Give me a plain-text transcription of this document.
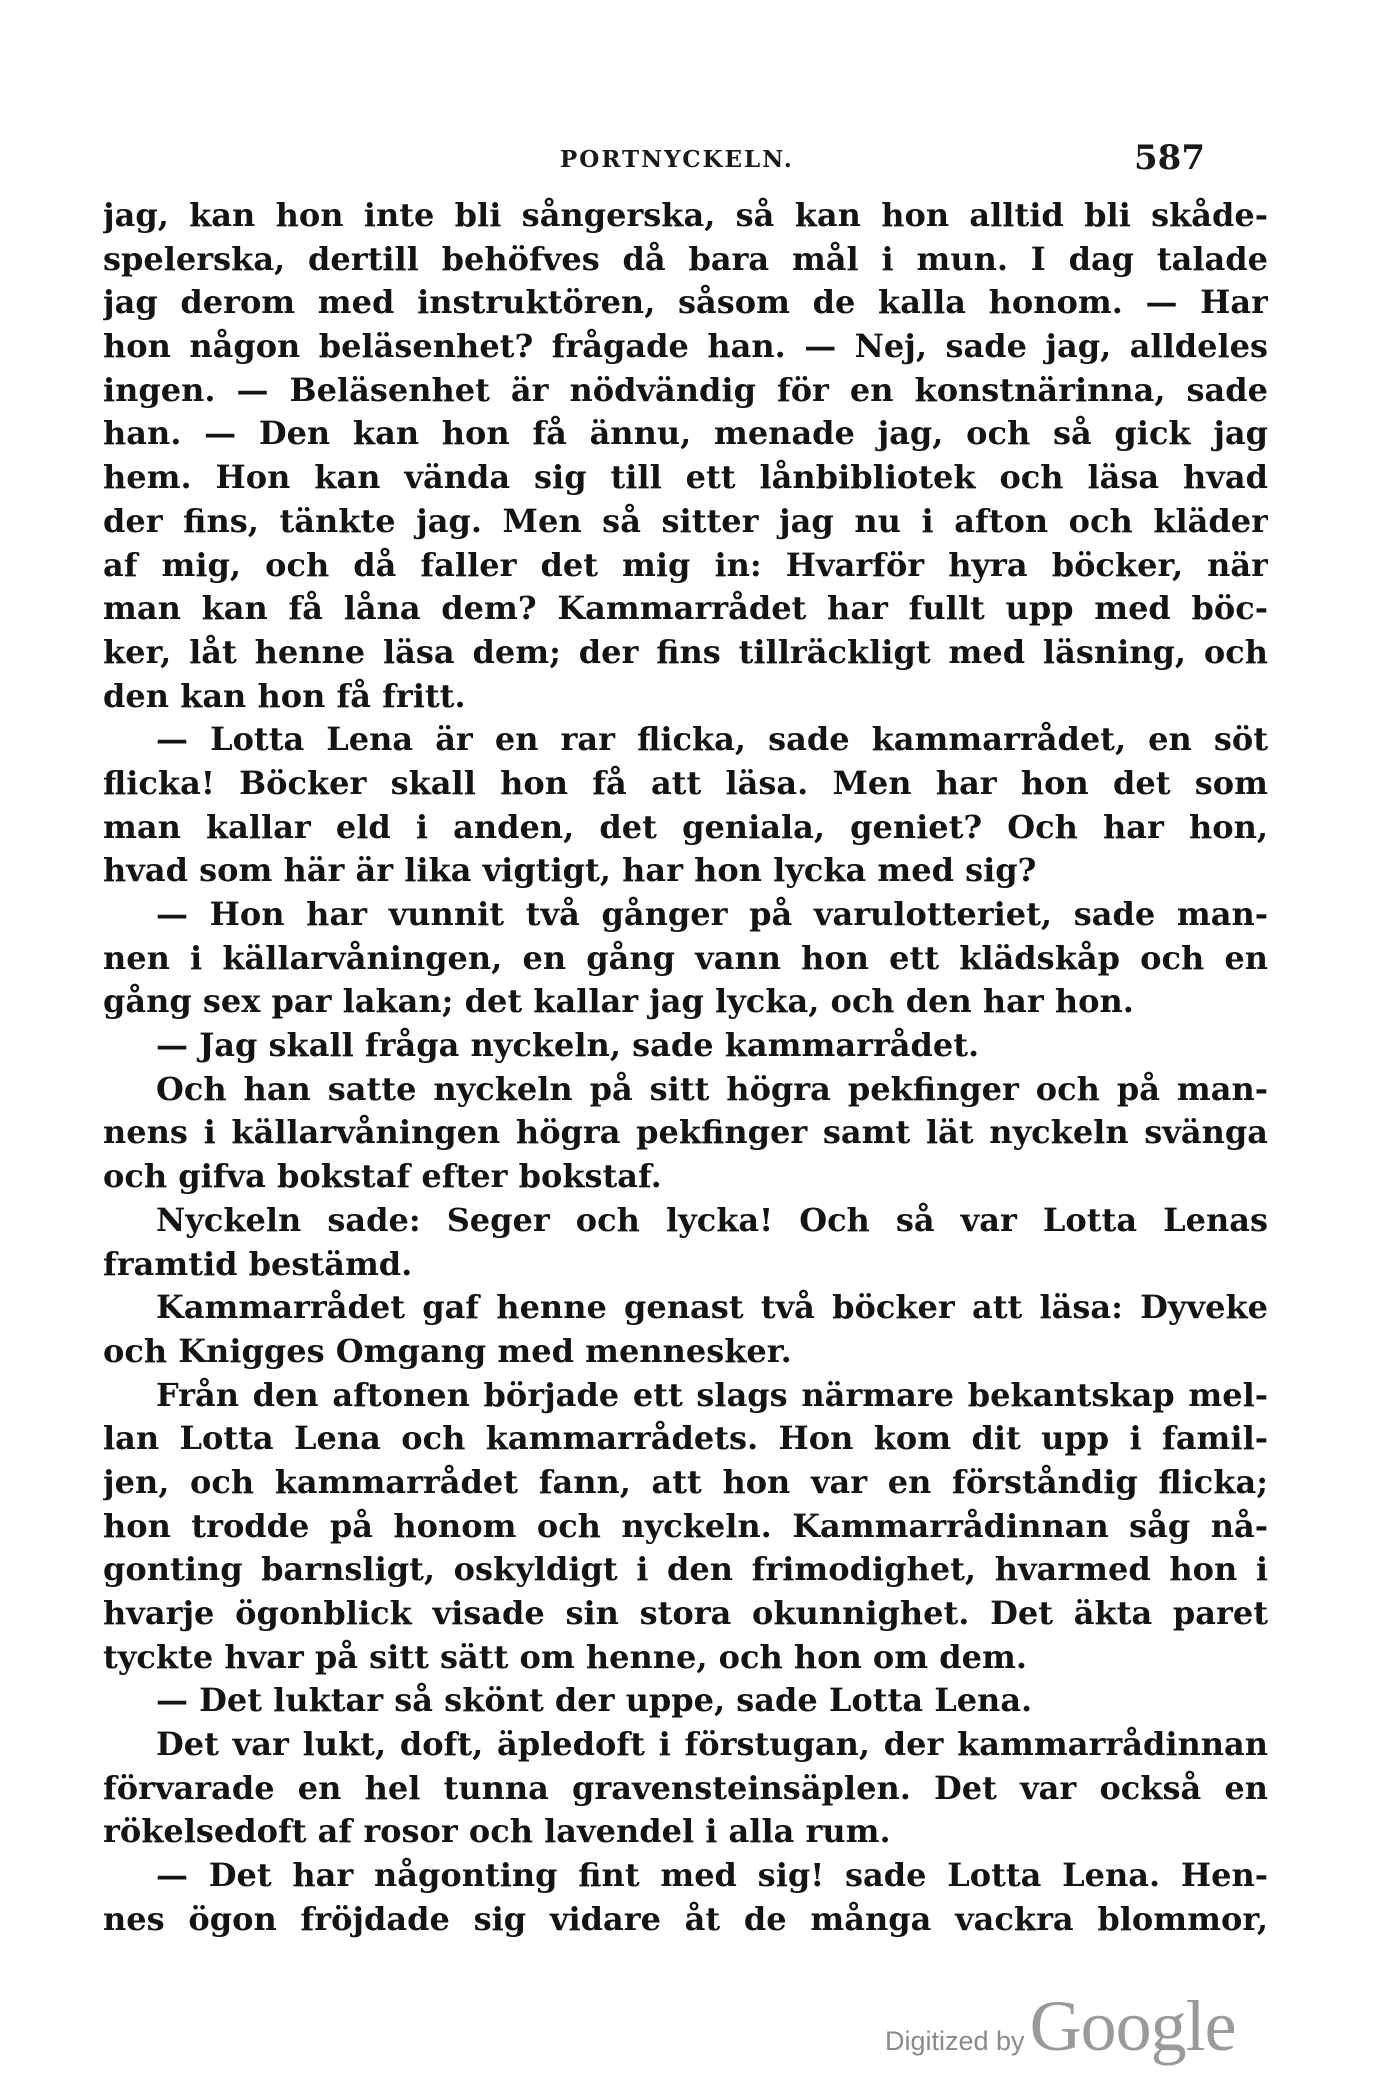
PORTNYCKELN.	587
jag, kan hon inte bli sångerska, så kan hon alltid bli skåde-
spelerska, dertill behöfves då bara mål i mun. I dag talade
jag derom med instruktören, såsom de kalla honom. — Har
hon någon beläsenhet? frågade han. — Nej, sade jag, alldeles
ingen. — Beläsenhet är nödvändig för en konstnärinna, sade
han. — Den kan hon få ännu, menade jag, och så gick jag
hem. Hon kan vända sig till ett lånbibliotek och läsa hvad
der fins, tänkte jag. Men så sitter jag nu i afton och kläder
af mig, och då faller det mig in: Hvarför hyra böcker, när
man kan få låna dem? Kammarrådet har fullt upp med böc-
ker, låt henne läsa dem; der fins tillräckligt med läsning, och
den kan hon få fritt.
— Lotta Lena är en rar flicka, sade kammarrådet, en söt
flicka! Böcker skall hon få att läsa. Men har hon det som
man kallar eld i anden, det geniala, geniet? Och har hon,
hvad som här är lika vigtigt, har hon lycka med sig?
— Hon har vunnit två gånger på varulotteriet, sade man-
nen i källarvåningen, en gång vann hon ett klädskåp och en
gång sex par lakan; det kallar jag lycka, och den har hon.
— Jag skall fråga nyckeln, sade kammarrådet.
Och han satte nyckeln på sitt högra pekfinger och på man-
nens i källarvåningen högra pekfinger samt lät nyckeln svänga
och gifva bokstaf efter bokstaf.
Nyckeln sade: Seger och lycka! Och så var Lotta Lenas
framtid bestämd.
Kammarrådet gaf henne genast två böcker att läsa: Dyveke
och Knigges Omgang med mennesker.
Från den aftonen började ett slags närmare bekantskap mel-
lan Lotta Lena och kammarrådets. Hon kom dit upp i famil-
jen, och kammarrådet fann, att hon var en förståndig flicka;
hon trodde på honom och nyckeln. Kammarrådinnan såg nå-
gonting barnsligt, oskyldigt i den frimodighet, hvarmed hon i
hvarje ögonblick visade sin stora okunnighet. Det äkta paret
tyckte hvar på sitt sätt om henne, och hon om dem.
— Det luktar så skönt der uppe, sade Lotta Lena.
Det var lukt, doft, äpledoft i förstugan, der kammarrådinnan
förvarade en hel tunna gravensteinsäplen. Det var också en
rökelsedoft af rosor och lavendel i alla rum.
— Det har någonting fint med sig! sade Lotta Lena. Hen-
nes ögon fröjdade sig vidare åt de många vackra blommor,
Digitized by Google
